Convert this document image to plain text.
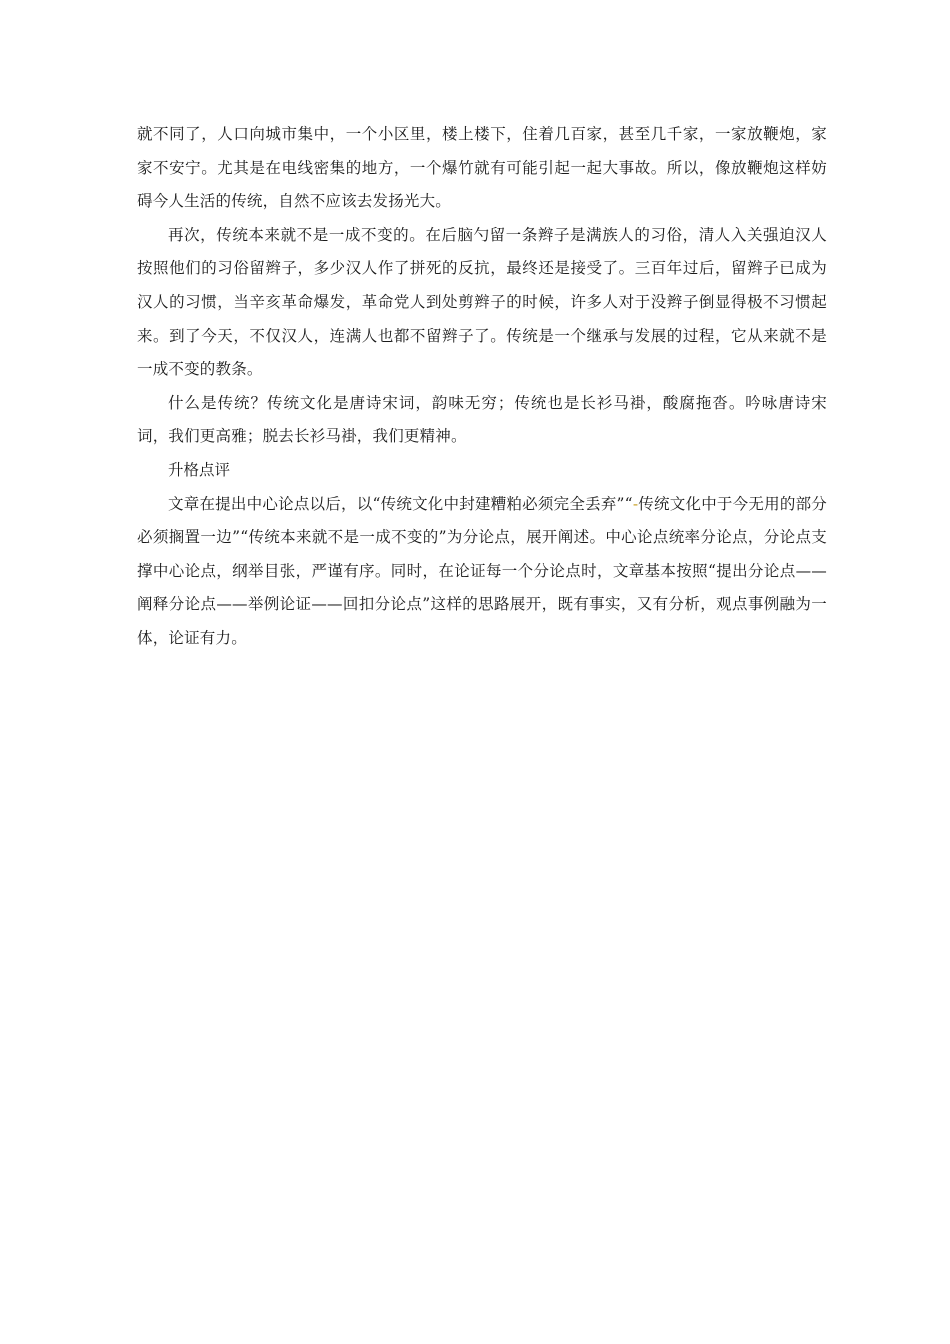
就不同了，人口向城市集中，一个小区里，楼上楼下，住着几百家，甚至几千家，一家放鞭炮，家家不安宁。尤其是在电线密集的地方，一个爆竹就有可能引起一起大事故。所以，像放鞭炮这样妨碍今人生活的传统，自然不应该去发扬光大。

再次，传统本来就不是一成不变的。在后脑勺留一条辫子是满族人的习俗，清人入关强迫汉人按照他们的习俗留辫子，多少汉人作了拼死的反抗，最终还是接受了。三百年过后，留辫子已成为汉人的习惯，当辛亥革命爆发，革命党人到处剪辫子的时候，许多人对于没辫子倒显得极不习惯起来。到了今天，不仅汉人，连满人也都不留辫子了。传统是一个继承与发展的过程，它从来就不是一成不变的教条。

什么是传统？传统文化是唐诗宋词，韵味无穷；传统也是长衫马褂，酸腐拖沓。吟咏唐诗宋词，我们更高雅；脱去长衫马褂，我们更精神。

升格点评

文章在提出中心论点以后，以“传统文化中封建糟粕必须完全丢弃”“-传统文化中于今无用的部分必须搁置一边”“传统本来就不是一成不变的”为分论点，展开阐述。中心论点统率分论点，分论点支撑中心论点，纲举目张，严谨有序。同时，在论证每一个分论点时，文章基本按照“提出分论点——阐释分论点——举例论证——回扣分论点”这样的思路展开，既有事实，又有分析，观点事例融为一体，论证有力。
